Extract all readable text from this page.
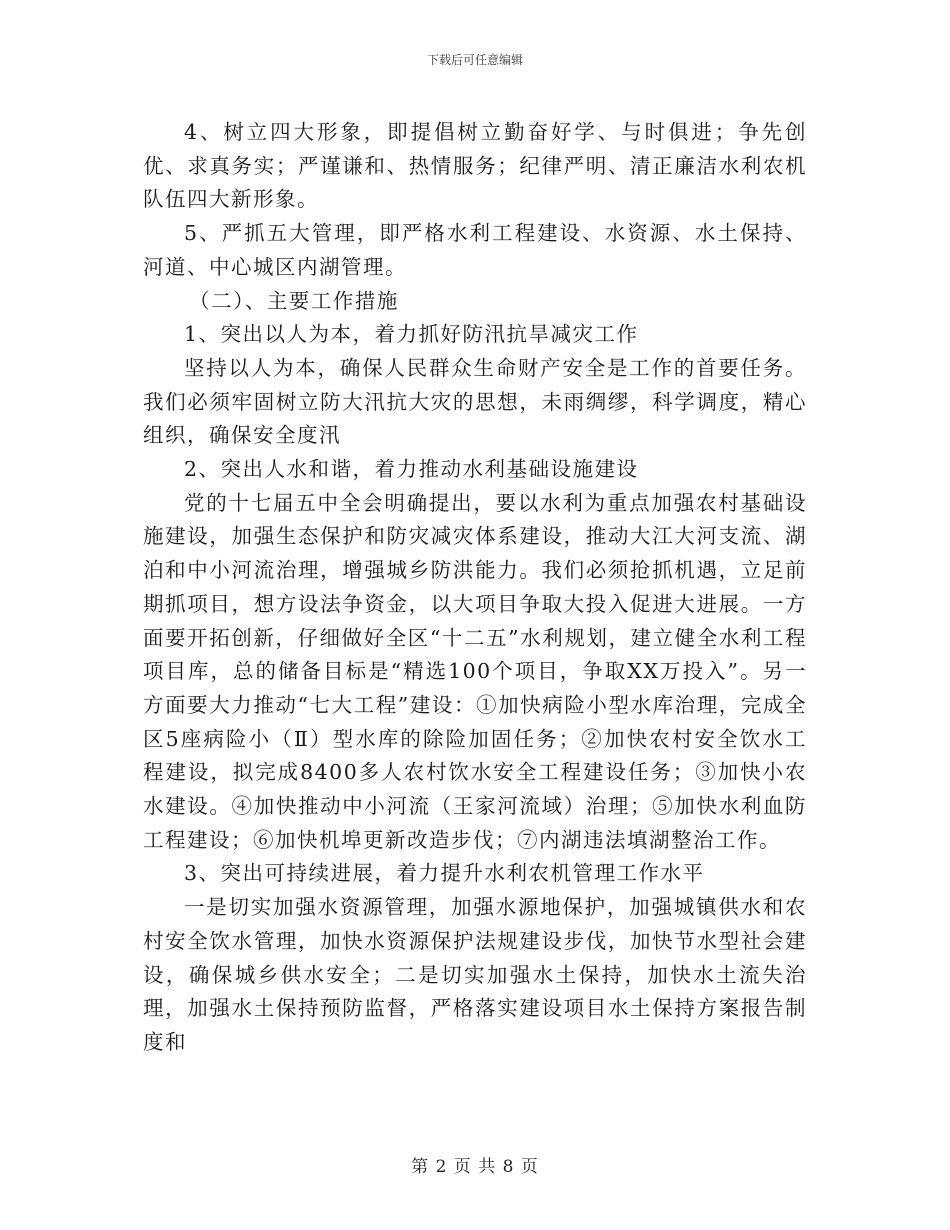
下载后可任意编辑

4、树立四大形象，即提倡树立勤奋好学、与时俱进；争先创优、求真务实；严谨谦和、热情服务；纪律严明、清正廉洁水利农机队伍四大新形象。

5、严抓五大管理，即严格水利工程建设、水资源、水土保持、河道、中心城区内湖管理。

（二）、主要工作措施

1、突出以人为本，着力抓好防汛抗旱减灾工作

坚持以人为本，确保人民群众生命财产安全是工作的首要任务。我们必须牢固树立防大汛抗大灾的思想，未雨绸缪，科学调度，精心组织，确保安全度汛

2、突出人水和谐，着力推动水利基础设施建设

党的十七届五中全会明确提出，要以水利为重点加强农村基础设施建设，加强生态保护和防灾减灾体系建设，推动大江大河支流、湖泊和中小河流治理，增强城乡防洪能力。我们必须抢抓机遇，立足前期抓项目，想方设法争资金，以大项目争取大投入促进大进展。一方面要开拓创新，仔细做好全区“十二五”水利规划，建立健全水利工程项目库，总的储备目标是“精选100个项目，争取XX万投入”。另一方面要大力推动“七大工程”建设：①加快病险小型水库治理，完成全区5座病险小（Ⅱ）型水库的除险加固任务；②加快农村安全饮水工程建设，拟完成8400多人农村饮水安全工程建设任务；③加快小农水建设。④加快推动中小河流（王家河流域）治理；⑤加快水利血防工程建设；⑥加快机埠更新改造步伐；⑦内湖违法填湖整治工作。

3、突出可持续进展，着力提升水利农机管理工作水平

一是切实加强水资源管理，加强水源地保护，加强城镇供水和农村安全饮水管理，加快水资源保护法规建设步伐，加快节水型社会建设，确保城乡供水安全；二是切实加强水土保持，加快水土流失治理，加强水土保持预防监督，严格落实建设项目水土保持方案报告制度和

第 2 页 共 8 页
